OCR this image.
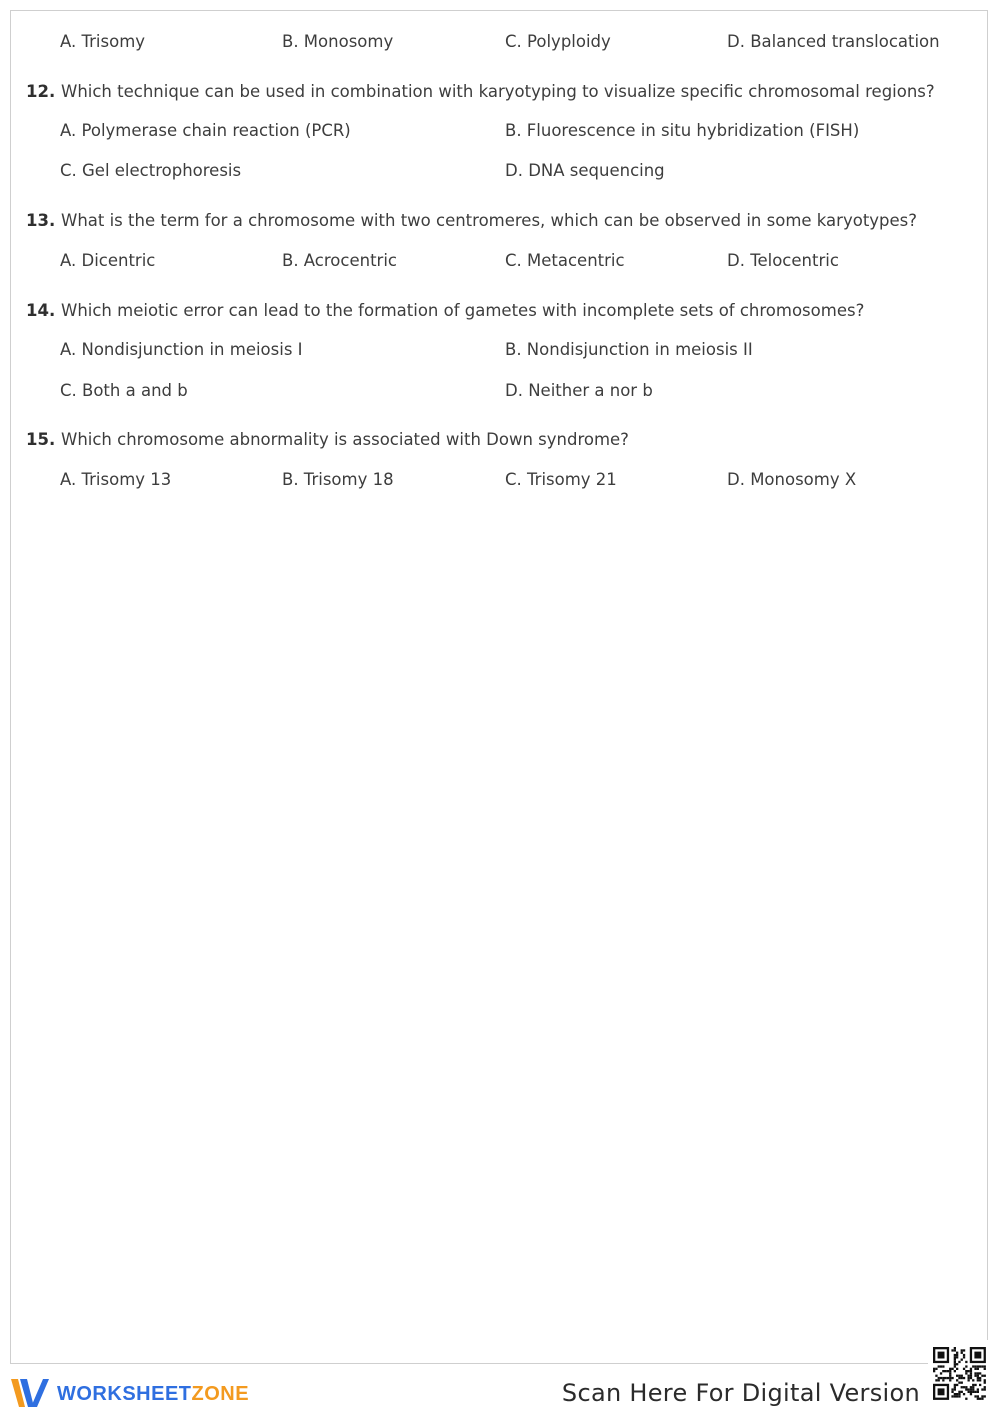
A. Trisomy	B. Monosomy	C. Polyploidy	D. Balanced translocation
12. Which technique can be used in combination with karyotyping to visualize specific chromosomal regions?
A. Polymerase chain reaction (PCR)	B. Fluorescence in situ hybridization (FISH)
C. Gel electrophoresis	D. DNA sequencing
13. What is the term for a chromosome with two centromeres, which can be observed in some karyotypes?
A. Dicentric	B. Acrocentric	C. Metacentric	D. Telocentric
14. Which meiotic error can lead to the formation of gametes with incomplete sets of chromosomes?
A. Nondisjunction in meiosis I	B. Nondisjunction in meiosis II
C. Both a and b	D. Neither a nor b
15. Which chromosome abnormality is associated with Down syndrome?
A. Trisomy 13	B. Trisomy 18	C. Trisomy 21	D. Monosomy X
WORKSHEETZONE	Scan Here For Digital Version
